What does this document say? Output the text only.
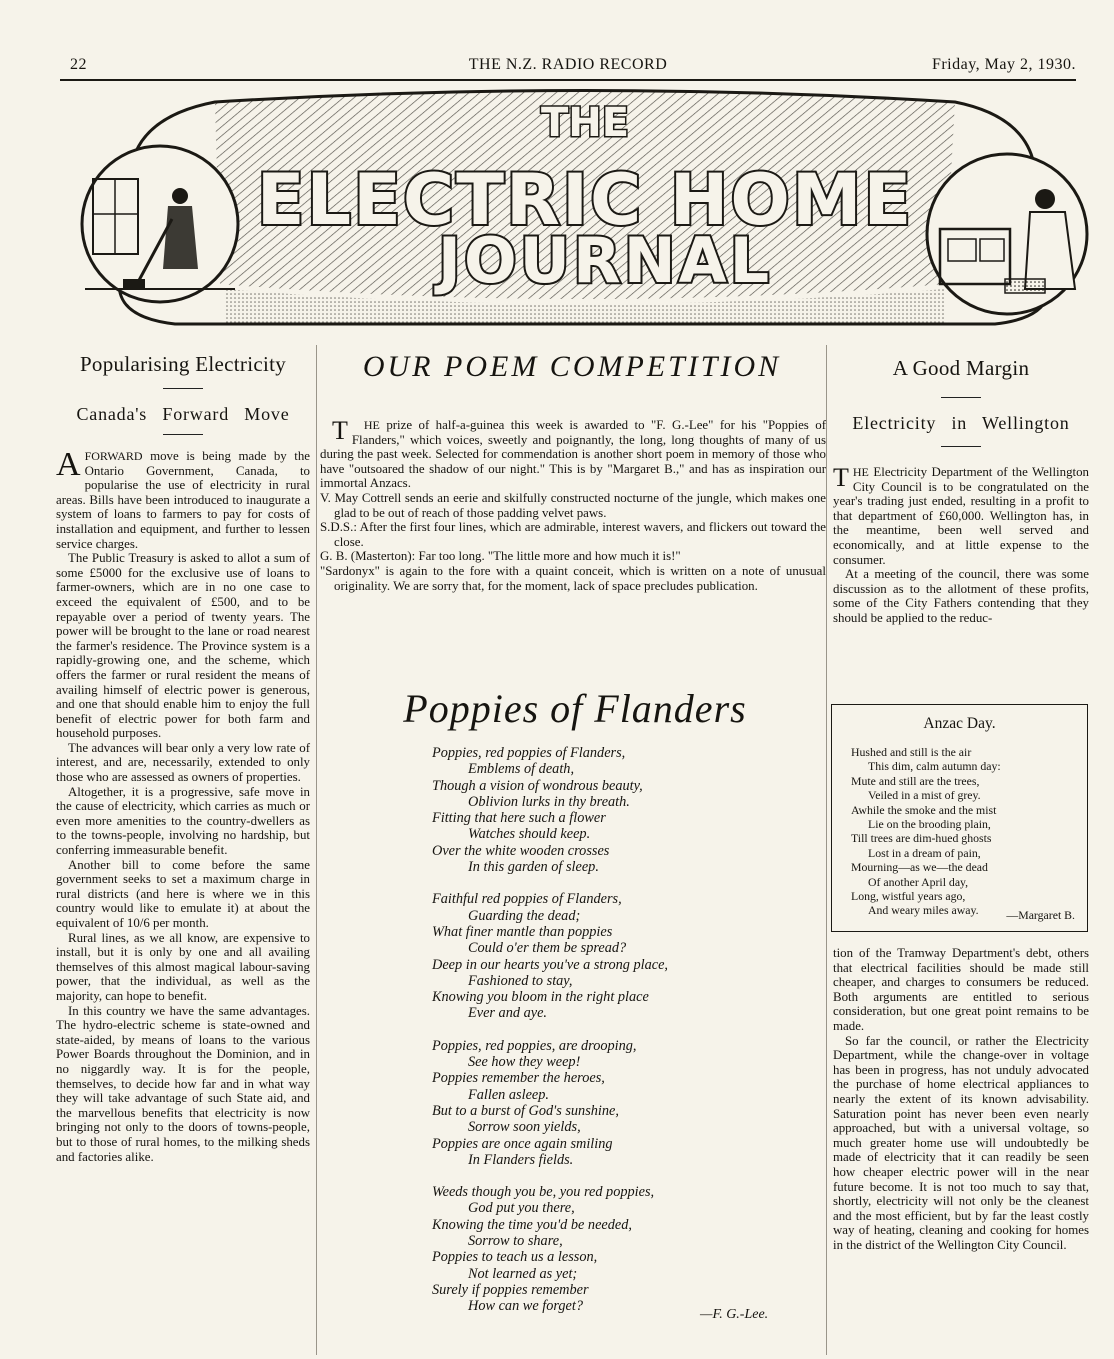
22	THE N.Z. RADIO RECORD	Friday, May 2, 1930.
THE
ELECTRIC HOME
JOURNAL
Popularising Electricity
Canada's Forward Move

AFORWARD move is being made by the Ontario Government, Canada, to popularise the use of electricity in rural areas. Bills have been introduced to inaugurate a system of loans to farmers to pay for costs of installation and equipment, and further to lessen service charges.

The Public Treasury is asked to allot a sum of some £5000 for the exclusive use of loans to farmer-owners, which are in no one case to exceed the equivalent of £500, and to be repayable over a period of twenty years. The power will be brought to the lane or road nearest the farmer's residence. The Province system is a rapidly-growing one, and the scheme, which offers the farmer or rural resident the means of availing himself of electric power is generous, and one that should enable him to enjoy the full benefit of electric power for both farm and household purposes.

The advances will bear only a very low rate of interest, and are, necessarily, extended to only those who are assessed as owners of properties.

Altogether, it is a progressive, safe move in the cause of electricity, which carries as much or even more amenities to the country-dwellers as to the towns-people, involving no hardship, but conferring immeasurable benefit.

Another bill to come before the same government seeks to set a maximum charge in rural districts (and here is where we in this country would like to emulate it) at about the equivalent of 10/6 per month.

Rural lines, as we all know, are expensive to install, but it is only by one and all availing themselves of this almost magical labour-saving power, that the individual, as well as the majority, can hope to benefit.

In this country we have the same advantages. The hydro-electric scheme is state-owned and state-aided, by means of loans to the various Power Boards throughout the Dominion, and in no niggardly way. It is for the people, themselves, to decide how far and in what way they will take advantage of such State aid, and the marvellous benefits that electricity is now bringing not only to the doors of towns-people, but to those of rural homes, to the milking sheds and factories alike.

OUR POEM COMPETITION

T	HE prize of half-a-guinea this week is awarded to "F. G.-Lee" for his "Poppies of Flanders," which voices, sweetly and poignantly, the long, long thoughts of many of us during the past week. Selected for commendation is another short poem in memory of those who have "outsoared the shadow of our night." This is by "Margaret B.," and has as inspiration our immortal Anzacs.

V. May Cottrell sends an eerie and skilfully constructed nocturne of the jungle, which makes one glad to be out of reach of those padding velvet paws.

S.D.S.: After the first four lines, which are admirable, interest wavers, and flickers out toward the close.

G. B. (Masterton): Far too long. "The little more and how much it is!"

"Sardonyx" is again to the fore with a quaint conceit, which is written on a note of unusual originality. We are sorry that, for the moment, lack of space precludes publication.

Poppies of Flanders
Poppies, red poppies of Flanders,
Emblems of death,
Though a vision of wondrous beauty,
Oblivion lurks in thy breath.
Fitting that here such a flower
Watches should keep.
Over the white wooden crosses
In this garden of sleep.
Faithful red poppies of Flanders,
Guarding the dead;
What finer mantle than poppies
Could o'er them be spread?
Deep in our hearts you've a strong place,
Fashioned to stay,
Knowing you bloom in the right place
Ever and aye.
Poppies, red poppies, are drooping,
See how they weep!
Poppies remember the heroes,
Fallen asleep.
But to a burst of God's sunshine,
Sorrow soon yields,
Poppies are once again smiling
In Flanders fields.
Weeds though you be, you red poppies,
God put you there,
Knowing the time you'd be needed,
Sorrow to share,
Poppies to teach us a lesson,
Not learned as yet;
Surely if poppies remember
How can we forget?
—F. G.-Lee.
A Good Margin
Electricity in Wellington

THE Electricity Department of the Wellington City Council is to be congratulated on the year's trading just ended, resulting in a profit to that department of £60,000. Wellington has, in the meantime, been well served and economically, and at little expense to the consumer.

At a meeting of the council, there was some discussion as to the allotment of these profits, some of the City Fathers contending that they should be applied to the reduc-

Anzac Day.
Hushed and still is the air
This dim, calm autumn day:
Mute and still are the trees,
Veiled in a mist of grey.
Awhile the smoke and the mist
Lie on the brooding plain,
Till trees are dim-hued ghosts
Lost in a dream of pain,
Mourning—as we—the dead
Of another April day,
Long, wistful years ago,
And weary miles away.	—Margaret B.

tion of the Tramway Department's debt, others that electrical facilities should be made still cheaper, and charges to consumers be reduced. Both arguments are entitled to serious consideration, but one great point remains to be made.

So far the council, or rather the Electricity Department, while the change-over in voltage has been in progress, has not unduly advocated the purchase of home electrical appliances to nearly the extent of its known advisability. Saturation point has never been even nearly approached, but with a universal voltage, so much greater home use will undoubtedly be made of electricity that it can readily be seen how cheaper electric power will in the near future become. It is not too much to say that, shortly, electricity will not only be the cleanest and the most efficient, but by far the least costly way of heating, cleaning and cooking for homes in the district of the Wellington City Council.
